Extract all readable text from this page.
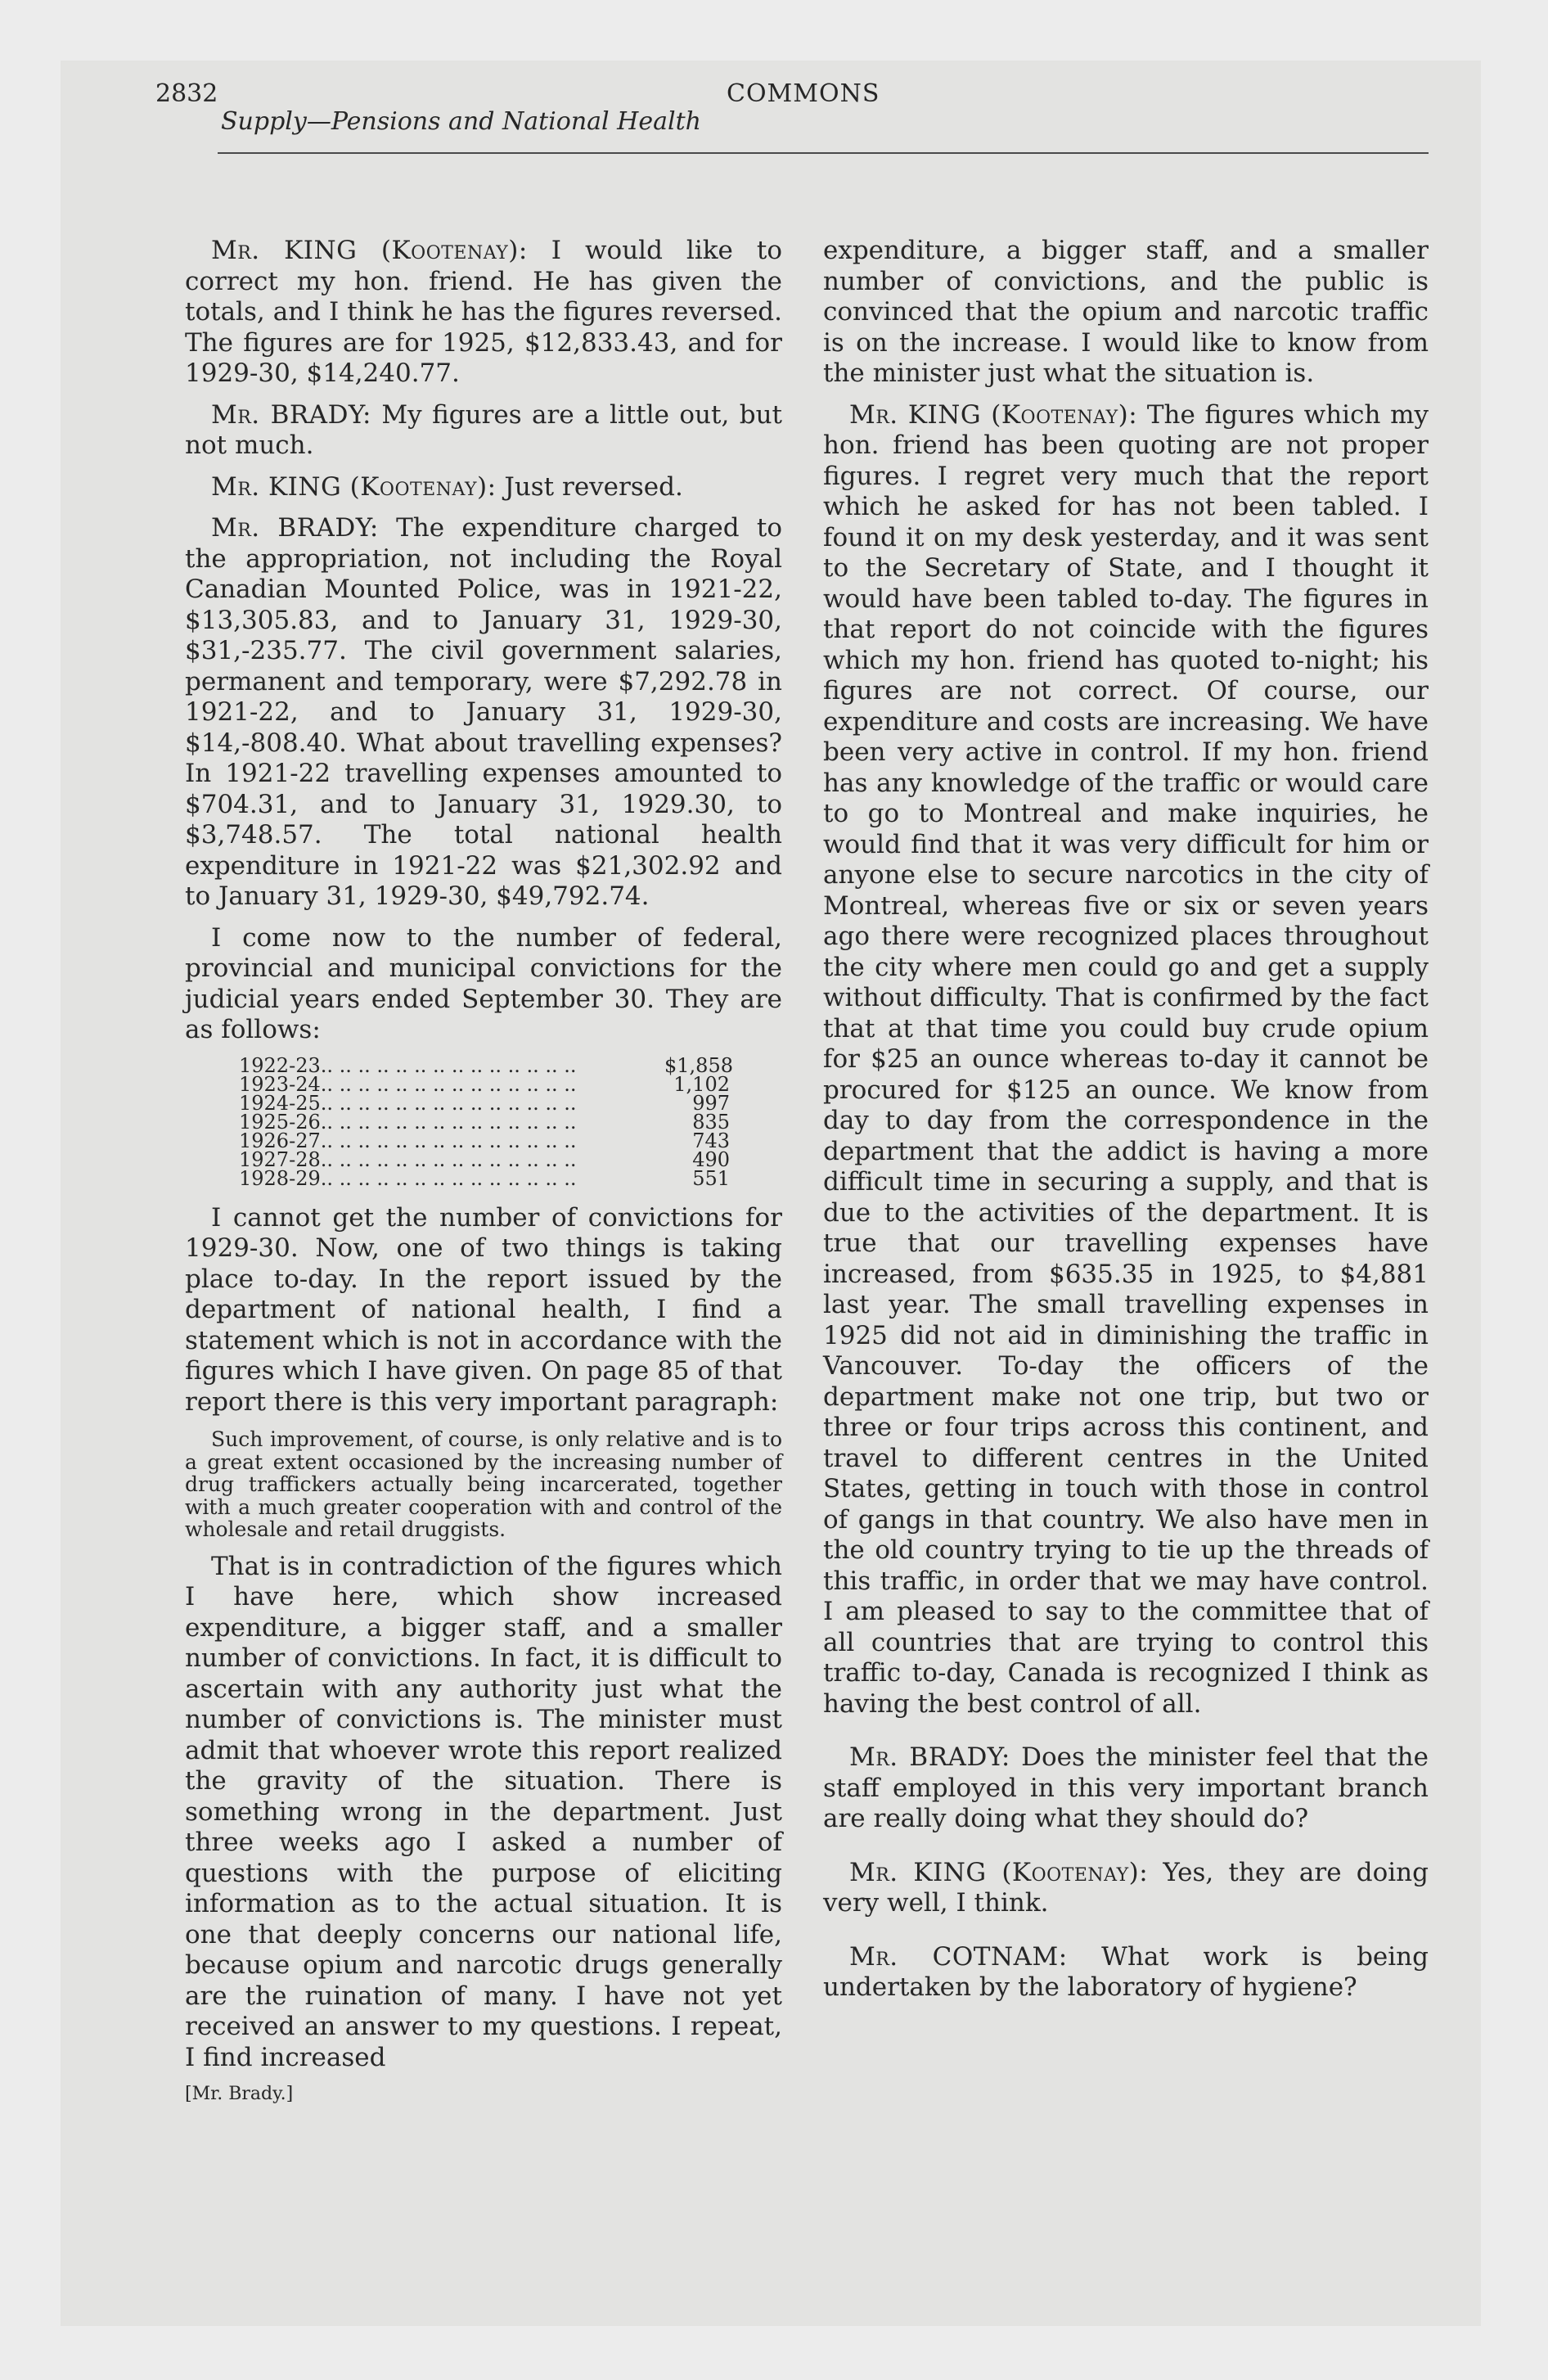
2832	COMMONS
Supply—Pensions and National Health

Mr. KING (Kootenay): I would like to correct my hon. friend. He has given the totals, and I think he has the figures reversed. The figures are for 1925, $12,833.43, and for 1929-30, $14,240.77.

Mr. BRADY: My figures are a little out, but not much.

Mr. KING (Kootenay): Just reversed.

Mr. BRADY: The expenditure charged to the appropriation, not including the Royal Canadian Mounted Police, was in 1921-22, $13,305.83, and to January 31, 1929-30, $31,-235.77. The civil government salaries, permanent and temporary, were $7,292.78 in 1921-22, and to January 31, 1929-30, $14,-808.40. What about travelling expenses? In 1921-22 travelling expenses amounted to $704.31, and to January 31, 1929.30, to $3,748.57. The total national health expenditure in 1921-22 was $21,302.92 and to January 31, 1929-30, $49,792.74.

I come now to the number of federal, provincial and municipal convictions for the judicial years ended September 30. They are as follows:

1922-23.. .. .. .. .. .. .. .. .. .. .. .. .. ..	$1,858
1923-24.. .. .. .. .. .. .. .. .. .. .. .. .. ..	1,102
1924-25.. .. .. .. .. .. .. .. .. .. .. .. .. ..	997
1925-26.. .. .. .. .. .. .. .. .. .. .. .. .. ..	835
1926-27.. .. .. .. .. .. .. .. .. .. .. .. .. ..	743
1927-28.. .. .. .. .. .. .. .. .. .. .. .. .. ..	490
1928-29.. .. .. .. .. .. .. .. .. .. .. .. .. ..	551

I cannot get the number of convictions for 1929-30. Now, one of two things is taking place to-day. In the report issued by the department of national health, I find a statement which is not in accordance with the figures which I have given. On page 85 of that report there is this very important paragraph:

Such improvement, of course, is only relative and is to a great extent occasioned by the increasing number of drug traffickers actually being incarcerated, together with a much greater cooperation with and control of the wholesale and retail druggists.

That is in contradiction of the figures which I have here, which show increased expenditure, a bigger staff, and a smaller number of convictions. In fact, it is difficult to ascertain with any authority just what the number of convictions is. The minister must admit that whoever wrote this report realized the gravity of the situation. There is something wrong in the department. Just three weeks ago I asked a number of questions with the purpose of eliciting information as to the actual situation. It is one that deeply concerns our national life, because opium and narcotic drugs generally are the ruination of many. I have not yet received an answer to my questions. I repeat, I find increased

[Mr. Brady.]

expenditure, a bigger staff, and a smaller number of convictions, and the public is convinced that the opium and narcotic traffic is on the increase. I would like to know from the minister just what the situation is.

Mr. KING (Kootenay): The figures which my hon. friend has been quoting are not proper figures. I regret very much that the report which he asked for has not been tabled. I found it on my desk yesterday, and it was sent to the Secretary of State, and I thought it would have been tabled to-day. The figures in that report do not coincide with the figures which my hon. friend has quoted to-night; his figures are not correct. Of course, our expenditure and costs are increasing. We have been very active in control. If my hon. friend has any knowledge of the traffic or would care to go to Montreal and make inquiries, he would find that it was very difficult for him or anyone else to secure narcotics in the city of Montreal, whereas five or six or seven years ago there were recognized places throughout the city where men could go and get a supply without difficulty. That is confirmed by the fact that at that time you could buy crude opium for $25 an ounce whereas to-day it cannot be procured for $125 an ounce. We know from day to day from the correspondence in the department that the addict is having a more difficult time in securing a supply, and that is due to the activities of the department. It is true that our travelling expenses have increased, from $635.35 in 1925, to $4,881 last year. The small travelling expenses in 1925 did not aid in diminishing the traffic in Vancouver. To-day the officers of the department make not one trip, but two or three or four trips across this continent, and travel to different centres in the United States, getting in touch with those in control of gangs in that country. We also have men in the old country trying to tie up the threads of this traffic, in order that we may have control. I am pleased to say to the committee that of all countries that are trying to control this traffic to-day, Canada is recognized I think as having the best control of all.

Mr. BRADY: Does the minister feel that the staff employed in this very important branch are really doing what they should do?

Mr. KING (Kootenay): Yes, they are doing very well, I think.

Mr. COTNAM: What work is being undertaken by the laboratory of hygiene?
